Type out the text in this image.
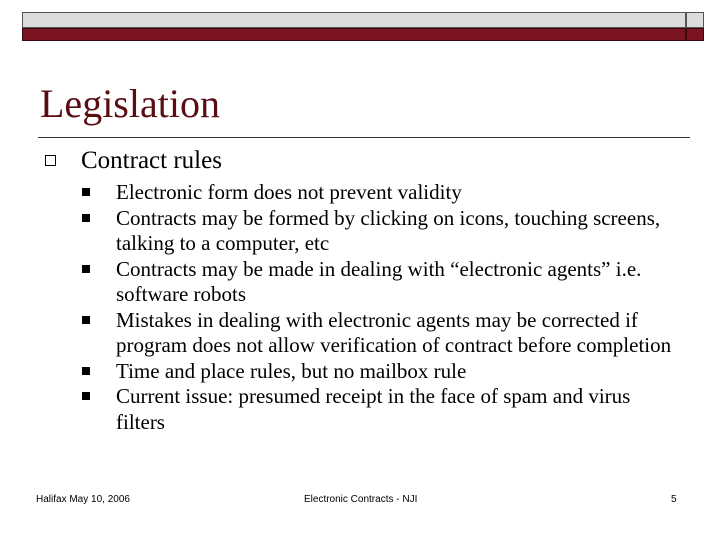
Legislation
Contract rules
Electronic form does not prevent validity
Contracts may be formed by clicking on icons, touching screens, talking to a computer, etc
Contracts may be made in dealing with “electronic agents” i.e. software robots
Mistakes in dealing with electronic agents may be corrected if program does not allow verification of contract before completion
Time and place rules, but no mailbox rule
Current issue: presumed receipt in the face of spam and virus filters
Halifax May 10, 2006	Electronic Contracts - NJI	5
